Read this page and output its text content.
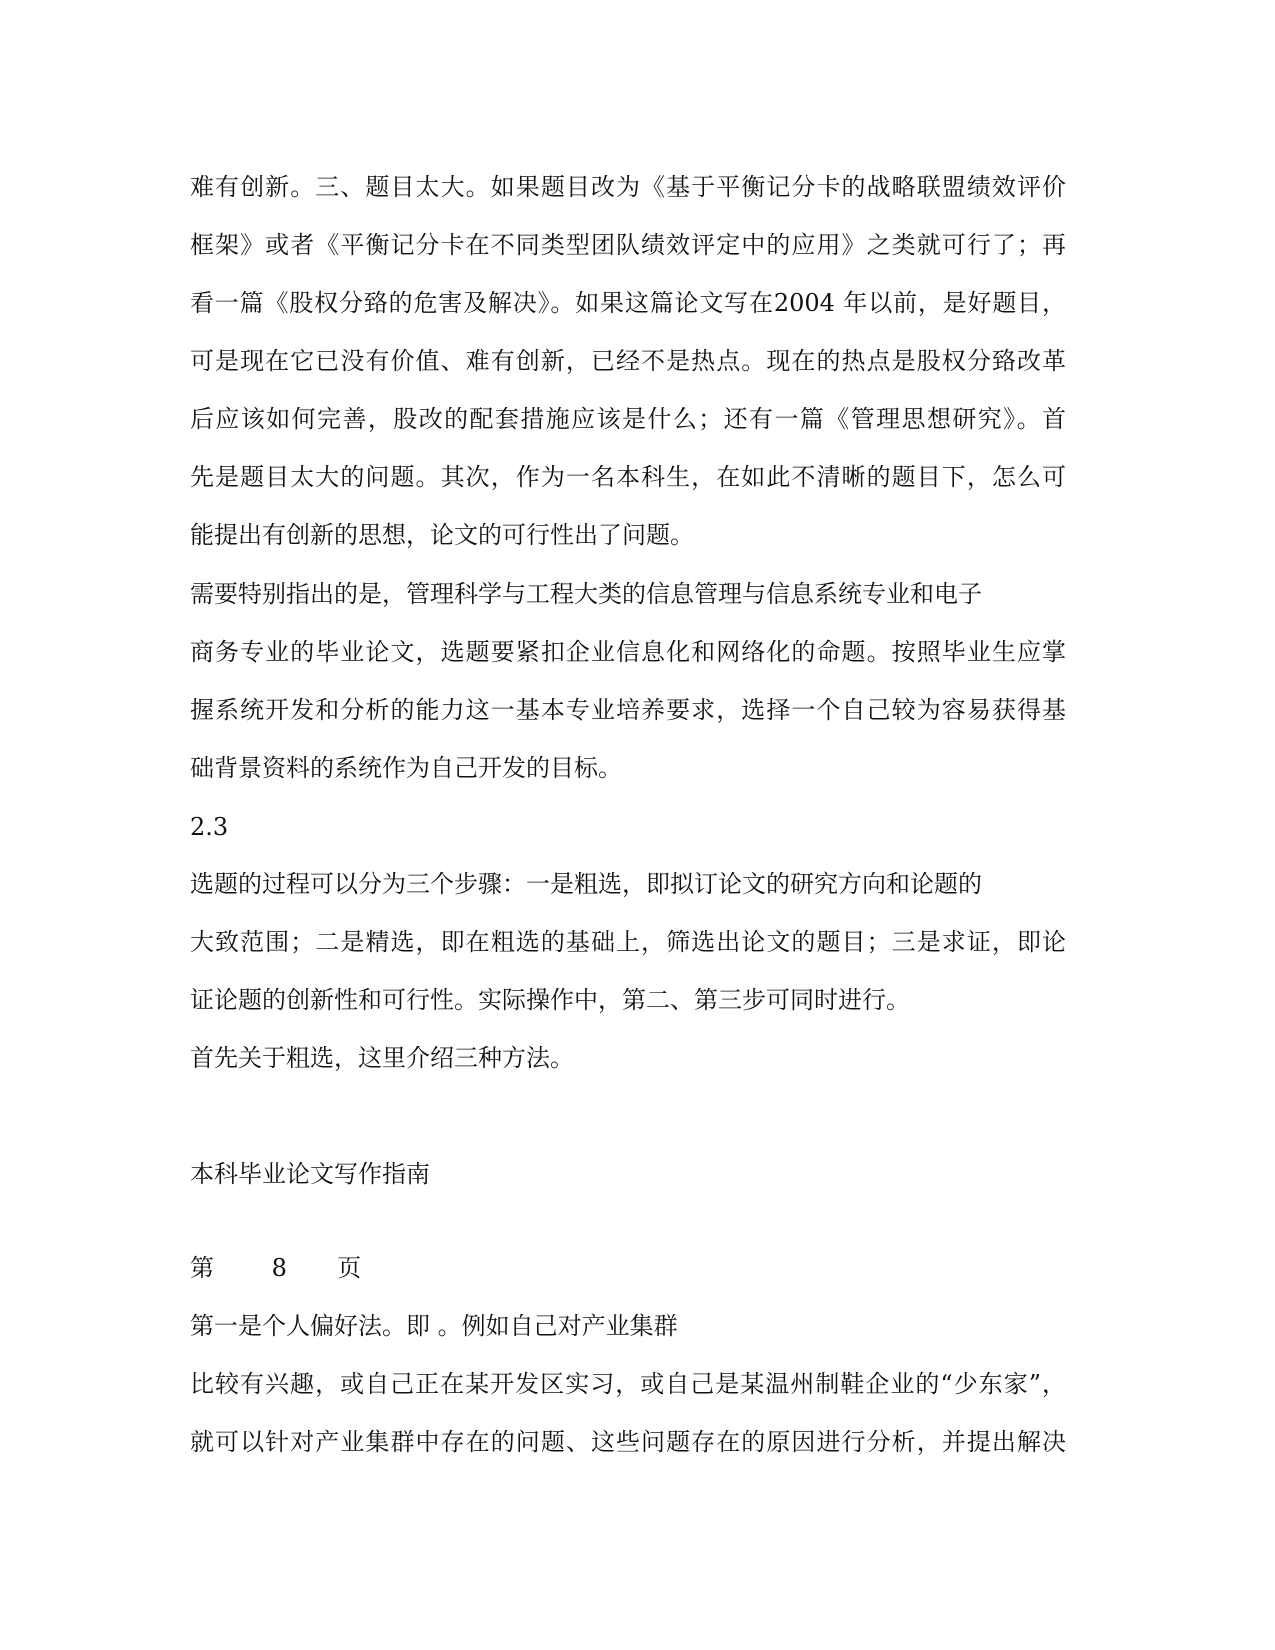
难有创新。三、题目太大。如果题目改为《基于平衡记分卡的战略联盟绩效评价
框架》或者《平衡记分卡在不同类型团队绩效评定中的应用》之类就可行了；再
看一篇《股权分臵的危害及解决》。如果这篇论文写在2004 年以前，是好题目，
可是现在它已没有价值、难有创新，已经不是热点。现在的热点是股权分臵改革
后应该如何完善，股改的配套措施应该是什么；还有一篇《管理思想研究》。首
先是题目太大的问题。其次，作为一名本科生，在如此不清晰的题目下，怎么可
能提出有创新的思想，论文的可行性出了问题。
需要特别指出的是，管理科学与工程大类的信息管理与信息系统专业和电子
商务专业的毕业论文，选题要紧扣企业信息化和网络化的命题。按照毕业生应掌
握系统开发和分析的能力这一基本专业培养要求，选择一个自己较为容易获得基
础背景资料的系统作为自己开发的目标。
2.3
选题的过程可以分为三个步骤：一是粗选，即拟订论文的研究方向和论题的
大致范围；二是精选，即在粗选的基础上，筛选出论文的题目；三是求证，即论
证论题的创新性和可行性。实际操作中，第二、第三步可同时进行。
首先关于粗选，这里介绍三种方法。
本科毕业论文写作指南
第 8 页
第一是个人偏好法。即 。例如自己对产业集群
比较有兴趣，或自己正在某开发区实习，或自己是某温州制鞋企业的“少东家”，
就可以针对产业集群中存在的问题、这些问题存在的原因进行分析，并提出解决
